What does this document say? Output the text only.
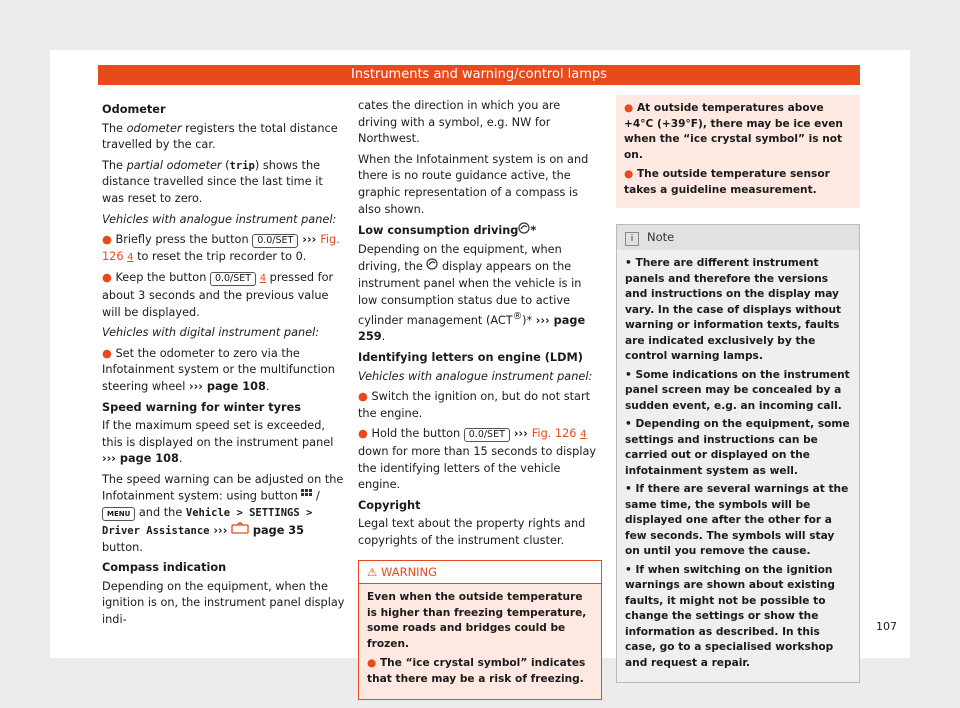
Instruments and warning/control lamps

Odometer

The odometer registers the total distance travelled by the car.

The partial odometer (trip) shows the distance travelled since the last time it was reset to zero.

Vehicles with analogue instrument panel:

● Briefly press the button 0.0/SET ››› Fig. 126 4 to reset the trip recorder to 0.

● Keep the button 0.0/SET 4 pressed for about 3 seconds and the previous value will be displayed.

Vehicles with digital instrument panel:

● Set the odometer to zero via the Infotainment system or the multifunction steering wheel ››› page 108.

Speed warning for winter tyres

If the maximum speed set is exceeded, this is displayed on the instrument panel ››› page 108.

The speed warning can be adjusted on the Infotainment system: using button  / MENU and the Vehicle > SETTINGS > Driver Assistance ›››  page 35 button.

Compass indication

Depending on the equipment, when the ignition is on, the instrument panel display indi-

cates the direction in which you are driving with a symbol, e.g. NW for Northwest.

When the Infotainment system is on and there is no route guidance active, the graphic representation of a compass is also shown.

Low consumption driving *

Depending on the equipment, when driving, the  display appears on the instrument panel when the vehicle is in low consumption status due to active cylinder management (ACT®)* ››› page 259.

Identifying letters on engine (LDM)

Vehicles with analogue instrument panel:

● Switch the ignition on, but do not start the engine.

● Hold the button 0.0/SET ››› Fig. 126 4 down for more than 15 seconds to display the identifying letters of the vehicle engine.

Copyright

Legal text about the property rights and copyrights of the instrument cluster.

⚠ WARNING

Even when the outside temperature is higher than freezing temperature, some roads and bridges could be frozen.

● The “ice crystal symbol” indicates that there may be a risk of freezing.

● At outside temperatures above +4°C (+39°F), there may be ice even when the “ice crystal symbol” is not on.

● The outside temperature sensor takes a guideline measurement.

i Note

• There are different instrument panels and therefore the versions and instructions on the display may vary. In the case of displays without warning or information texts, faults are indicated exclusively by the control warning lamps.

• Some indications on the instrument panel screen may be concealed by a sudden event, e.g. an incoming call.

• Depending on the equipment, some settings and instructions can be carried out or displayed on the infotainment system as well.

• If there are several warnings at the same time, the symbols will be displayed one after the other for a few seconds. The symbols will stay on until you remove the cause.

• If when switching on the ignition warnings are shown about existing faults, it might not be possible to change the settings or show the information as described. In this case, go to a specialised workshop and request a repair.

107
